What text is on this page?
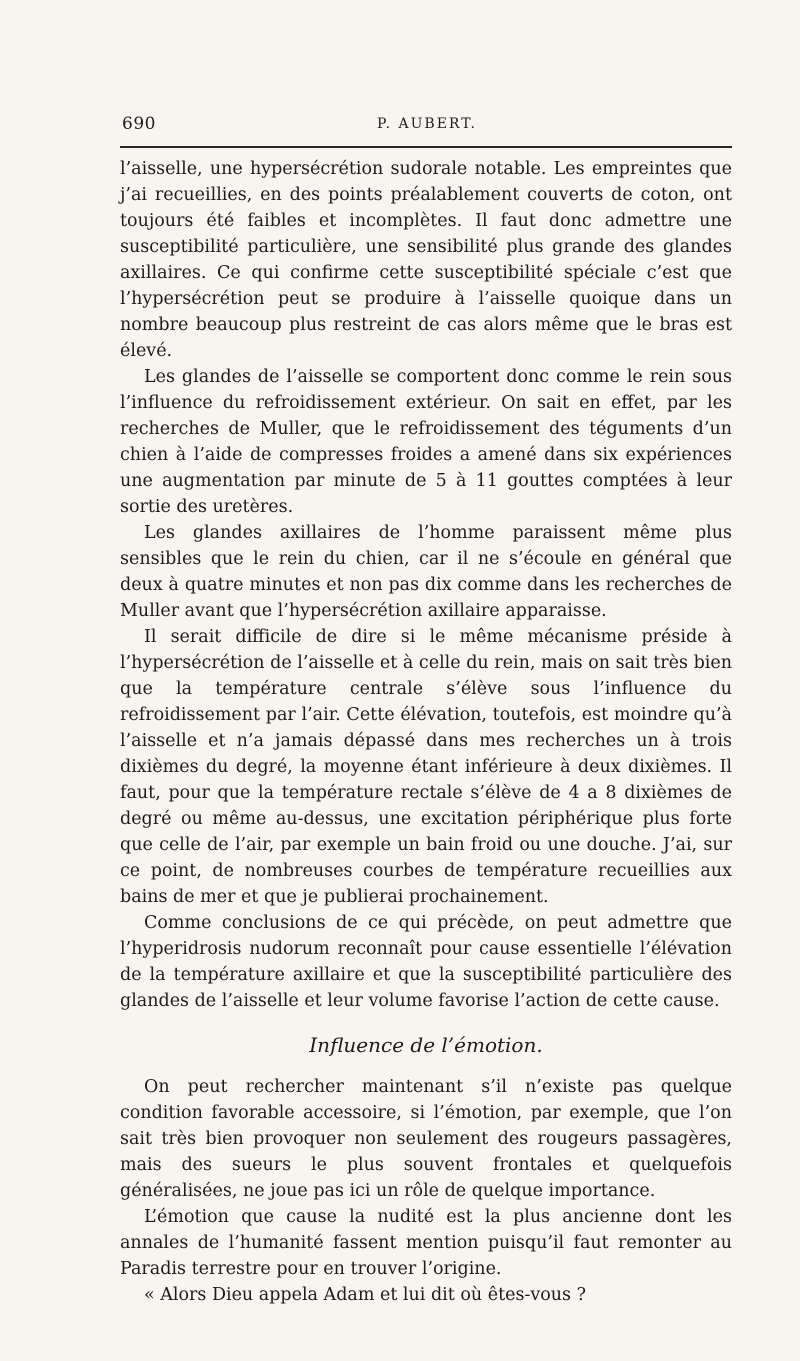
690	P. AUBERT.

l’aisselle, une hypersécrétion sudorale notable. Les empreintes que j’ai recueillies, en des points préalablement couverts de coton, ont toujours été faibles et incomplètes. Il faut donc admettre une susceptibilité particulière, une sensibilité plus grande des glandes axillaires. Ce qui confirme cette susceptibilité spéciale c’est que l’hypersécrétion peut se produire à l’aisselle quoique dans un nombre beaucoup plus restreint de cas alors même que le bras est élevé.

Les glandes de l’aisselle se comportent donc comme le rein sous l’influence du refroidissement extérieur. On sait en effet, par les recherches de Muller, que le refroidissement des téguments d’un chien à l’aide de compresses froides a amené dans six expériences une augmentation par minute de 5 à 11 gouttes comptées à leur sortie des uretères.

Les glandes axillaires de l’homme paraissent même plus sensibles que le rein du chien, car il ne s’écoule en général que deux à quatre minutes et non pas dix comme dans les recherches de Muller avant que l’hypersécrétion axillaire apparaisse.

Il serait difficile de dire si le même mécanisme préside à l’hypersécrétion de l’aisselle et à celle du rein, mais on sait très bien que la température centrale s’élève sous l’influence du refroidissement par l’air. Cette élévation, toutefois, est moindre qu’à l’aisselle et n’a jamais dépassé dans mes recherches un à trois dixièmes du degré, la moyenne étant inférieure à deux dixièmes. Il faut, pour que la température rectale s’élève de 4 a 8 dixièmes de degré ou même au-dessus, une excitation périphérique plus forte que celle de l’air, par exemple un bain froid ou une douche. J’ai, sur ce point, de nombreuses courbes de température recueillies aux bains de mer et que je publierai prochainement.

Comme conclusions de ce qui précède, on peut admettre que l’hyperidrosis nudorum reconnaît pour cause essentielle l’élévation de la température axillaire et que la susceptibilité particulière des glandes de l’aisselle et leur volume favorise l’action de cette cause.

Influence de l’émotion.

On peut rechercher maintenant s’il n’existe pas quelque condition favorable accessoire, si l’émotion, par exemple, que l’on sait très bien provoquer non seulement des rougeurs passagères, mais des sueurs le plus souvent frontales et quelquefois généralisées, ne joue pas ici un rôle de quelque importance.

L’émotion que cause la nudité est la plus ancienne dont les annales de l’humanité fassent mention puisqu’il faut remonter au Paradis terrestre pour en trouver l’origine.

« Alors Dieu appela Adam et lui dit où êtes-vous ?
